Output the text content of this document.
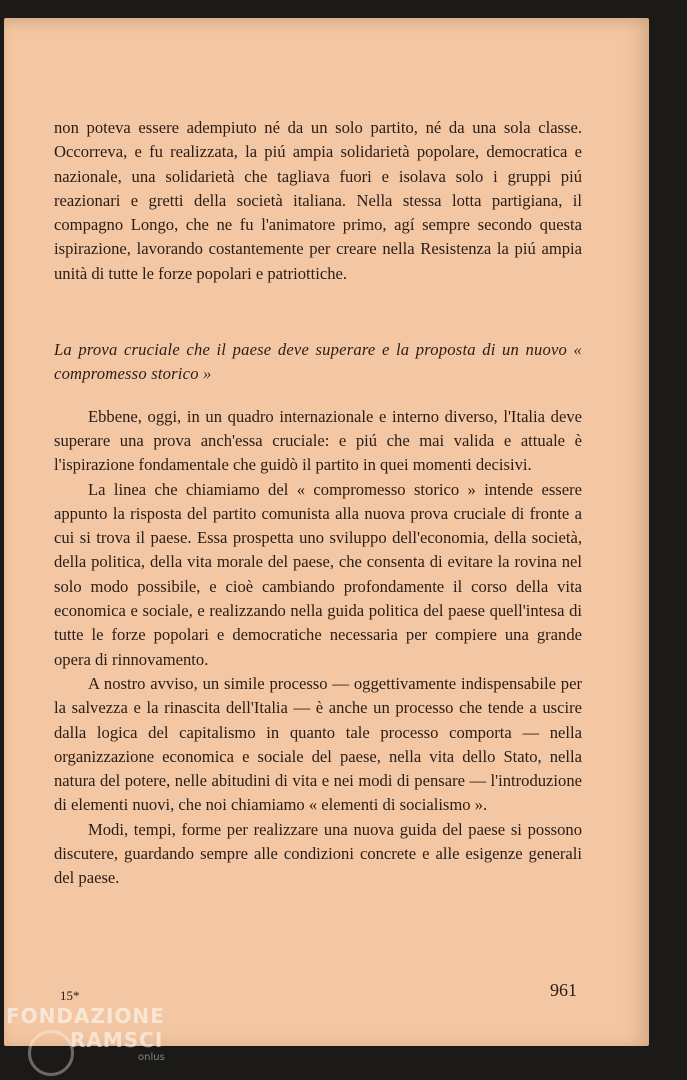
non poteva essere adempiuto né da un solo partito, né da una sola classe. Occorreva, e fu realizzata, la piú ampia solidarietà popolare, democratica e nazionale, una solidarietà che tagliava fuori e isolava solo i gruppi piú reazionari e gretti della società italiana. Nella stessa lotta partigiana, il compagno Longo, che ne fu l'animatore primo, agí sempre secondo questa ispirazione, lavorando costantemente per creare nella Resistenza la piú ampia unità di tutte le forze popolari e patriottiche.

La prova cruciale che il paese deve superare e la proposta di un nuovo « compromesso storico »

Ebbene, oggi, in un quadro internazionale e interno diverso, l'Italia deve superare una prova anch'essa cruciale: e piú che mai valida e attuale è l'ispirazione fondamentale che guidò il partito in quei momenti decisivi.

La linea che chiamiamo del « compromesso storico » intende essere appunto la risposta del partito comunista alla nuova prova cruciale di fronte a cui si trova il paese. Essa prospetta uno sviluppo dell'economia, della società, della politica, della vita morale del paese, che consenta di evitare la rovina nel solo modo possibile, e cioè cambiando profondamente il corso della vita economica e sociale, e realizzando nella guida politica del paese quell'intesa di tutte le forze popolari e democratiche necessaria per compiere una grande opera di rinnovamento.

A nostro avviso, un simile processo — oggettivamente indispensabile per la salvezza e la rinascita dell'Italia — è anche un processo che tende a uscire dalla logica del capitalismo in quanto tale processo comporta — nella organizzazione economica e sociale del paese, nella vita dello Stato, nella natura del potere, nelle abitudini di vita e nei modi di pensare — l'introduzione di elementi nuovi, che noi chiamiamo « elementi di socialismo ».

Modi, tempi, forme per realizzare una nuova guida del paese si possono discutere, guardando sempre alle condizioni concrete e alle esigenze generali del paese.

15*	961
FONDAZIONE
RAMSCI
onlus
